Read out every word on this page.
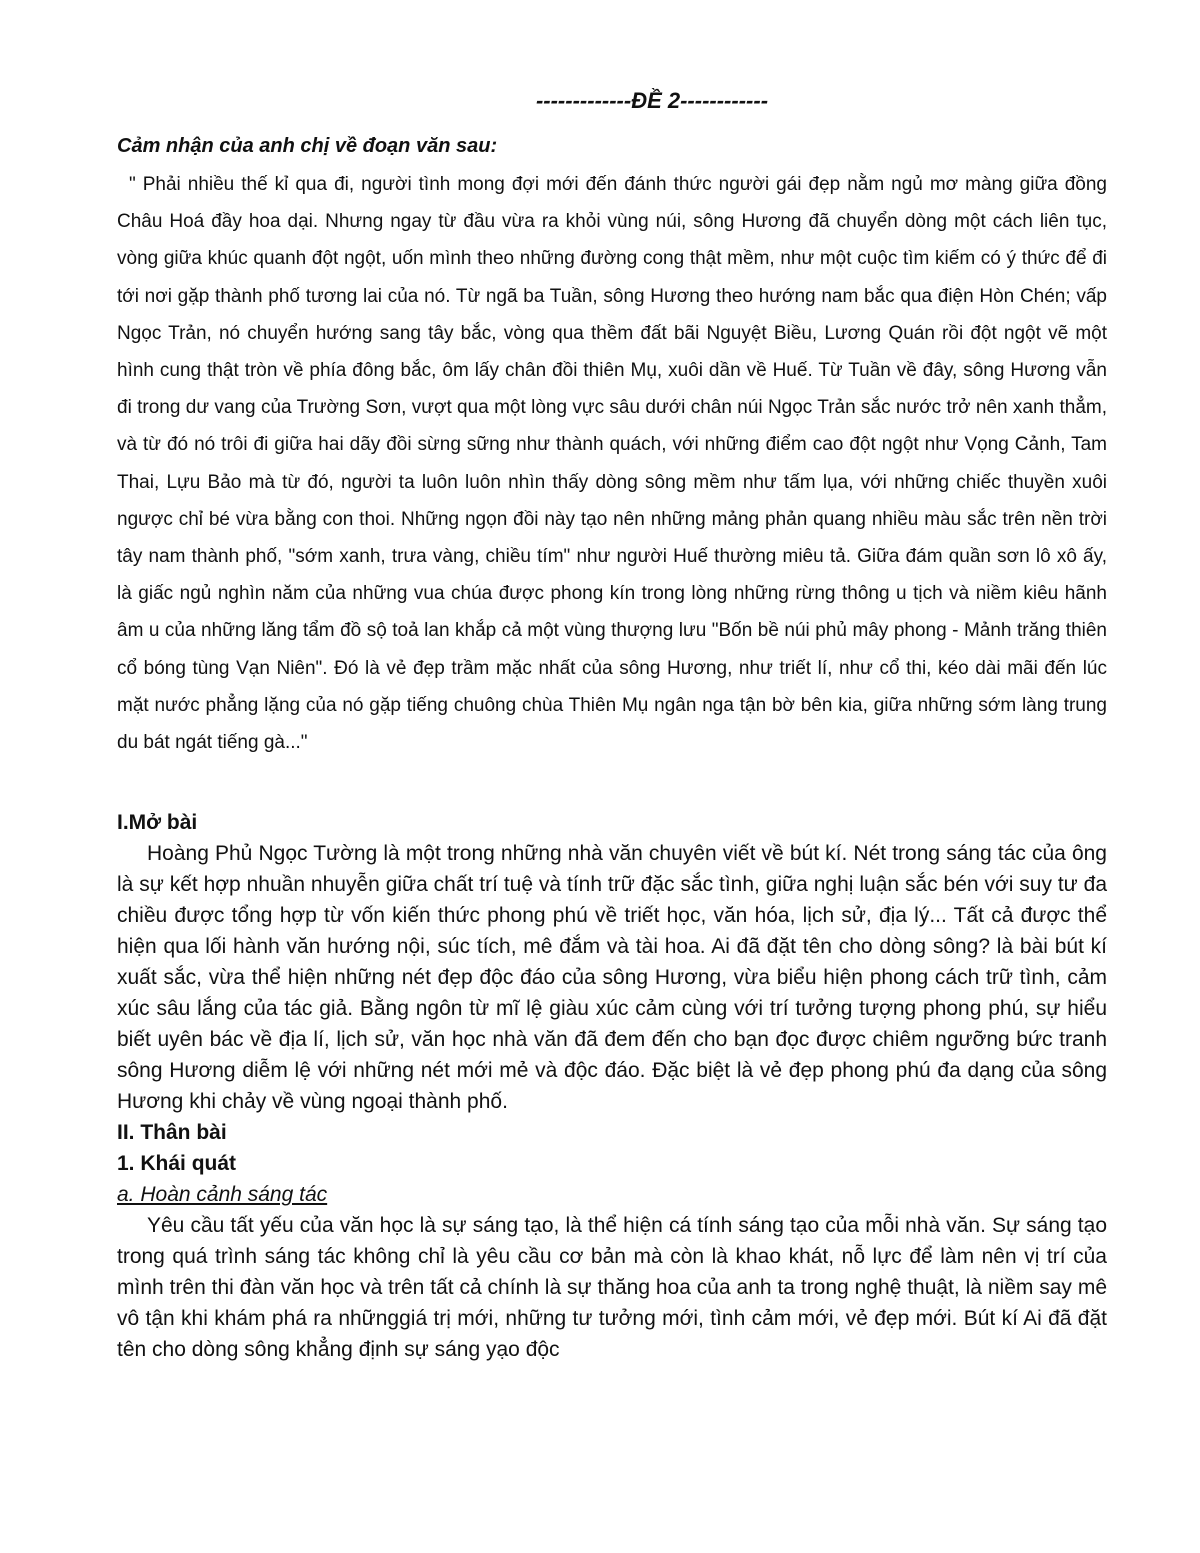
-------------ĐỀ 2------------

Cảm nhận của anh chị về đoạn văn sau:

" Phải nhiều thế kỉ qua đi, người tình mong đợi mới đến đánh thức người gái đẹp nằm ngủ mơ màng giữa đồng Châu Hoá đầy hoa dại. Nhưng ngay từ đầu vừa ra khỏi vùng núi, sông Hương đã chuyển dòng một cách liên tục, vòng giữa khúc quanh đột ngột, uốn mình theo những đường cong thật mềm, như một cuộc tìm kiếm có ý thức để đi tới nơi gặp thành phố tương lai của nó. Từ ngã ba Tuần, sông Hương theo hướng nam bắc qua điện Hòn Chén; vấp Ngọc Trản, nó chuyển hướng sang tây bắc, vòng qua thềm đất bãi Nguyệt Biều, Lương Quán rồi đột ngột vẽ một hình cung thật tròn về phía đông bắc, ôm lấy chân đồi thiên Mụ, xuôi dần về Huế. Từ Tuần về đây, sông Hương vẫn đi trong dư vang của Trường Sơn, vượt qua một lòng vực sâu dưới chân núi Ngọc Trản sắc nước trở nên xanh thẳm, và từ đó nó trôi đi giữa hai dãy đồi sừng sững như thành quách, với những điểm cao đột ngột như Vọng Cảnh, Tam Thai, Lựu Bảo mà từ đó, người ta luôn luôn nhìn thấy dòng sông mềm như tấm lụa, với những chiếc thuyền xuôi ngược chỉ bé vừa bằng con thoi. Những ngọn đồi này tạo nên những mảng phản quang nhiều màu sắc trên nền trời tây nam thành phố, "sớm xanh, trưa vàng, chiều tím" như người Huế thường miêu tả. Giữa đám quần sơn lô xô ấy, là giấc ngủ nghìn năm của những vua chúa được phong kín trong lòng những rừng thông u tịch và niềm kiêu hãnh âm u của những lăng tẩm đồ sộ toả lan khắp cả một vùng thượng lưu "Bốn bề núi phủ mây phong - Mảnh trăng thiên cổ bóng tùng Vạn Niên". Đó là vẻ đẹp trầm mặc nhất của sông Hương, như triết lí, như cổ thi, kéo dài mãi đến lúc mặt nước phẳng lặng của nó gặp tiếng chuông chùa Thiên Mụ ngân nga tận bờ bên kia, giữa những sớm làng trung du bát ngát tiếng gà..."

I.Mở bài

Hoàng Phủ Ngọc Tường là một trong những nhà văn chuyên viết về bút kí. Nét trong sáng tác của ông là sự kết hợp nhuần nhuyễn giữa chất trí tuệ và tính trữ đặc sắc tình, giữa nghị luận sắc bén với suy tư đa chiều được tổng hợp từ vốn kiến thức phong phú về triết học, văn hóa, lịch sử, địa lý... Tất cả được thể hiện qua lối hành văn hướng nội, súc tích, mê đắm và tài hoa. Ai đã đặt tên cho dòng sông? là bài bút kí xuất sắc, vừa thể hiện những nét đẹp độc đáo của sông Hương, vừa biểu hiện phong cách trữ tình, cảm xúc sâu lắng của tác giả. Bằng ngôn từ mĩ lệ giàu xúc cảm cùng với trí tưởng tượng phong phú, sự hiểu biết uyên bác về địa lí, lịch sử, văn học nhà văn đã đem đến cho bạn đọc được chiêm ngưỡng bức tranh sông Hương diễm lệ với những nét mới mẻ và độc đáo. Đặc biệt là vẻ đẹp phong phú đa dạng của sông Hương khi chảy về vùng ngoại thành phố.

II. Thân bài

1. Khái quát

a. Hoàn cảnh sáng tác

Yêu cầu tất yếu của văn học là sự sáng tạo, là thể hiện cá tính sáng tạo của mỗi nhà văn. Sự sáng tạo trong quá trình sáng tác không chỉ là yêu cầu cơ bản mà còn là khao khát, nỗ lực để làm nên vị trí của mình trên thi đàn văn học và trên tất cả chính là sự thăng hoa của anh ta trong nghệ thuật, là niềm say mê vô tận khi khám phá ra nhữnggiá trị mới, những tư tưởng mới, tình cảm mới, vẻ đẹp mới. Bút kí Ai đã đặt tên cho dòng sông khẳng định sự sáng yạo độc
